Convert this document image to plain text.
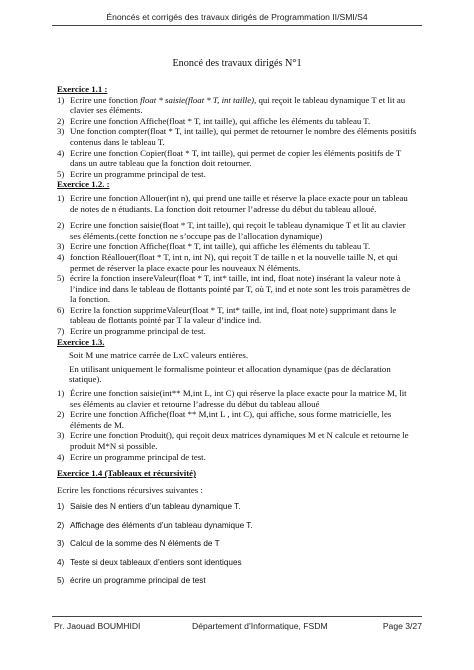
Énoncés et corrigés des travaux dirigés de Programmation II/SMI/S4
Enoncé des travaux dirigés N°1

Exercice 1.1 :

1) Ecrire une fonction float * saisie(float * T, int taille), qui reçoit le tableau dynamique T et lit au clavier ses éléments.
2) Ecrire une fonction Affiche(float * T, int taille), qui affiche les éléments du tableau T.
3) Une fonction compter(float * T, int taille), qui permet de retourner le nombre des éléments positifs contenus dans le tableau T.
4) Ecrire une fonction Copier(float * T, int taille), qui permet de copier les éléments positifs de T dans un autre tableau que la fonction doit retourner.
5) Ecrire un programme principal de test.

Exercice 1.2. :

1) Ecrire une fonction Allouer(int n), qui prend une taille et réserve la place exacte pour un tableau de notes de n étudiants. La fonction doit retourner l’adresse du début du tableau alloué.
2) Ecrire une fonction saisie(float * T, int taille), qui reçoit le tableau dynamique T et lit au clavier ses éléments.(cette fonction ne s’occupe pas de l’allocation dynamique)
3) Ecrire une fonction Affiche(float * T, int taille), qui affiche les éléments du tableau T.
4) fonction Réallouer(float * T, int n, int N), qui reçoit T de taille n et la nouvelle taille N, et qui permet de réserver la place exacte pour les nouveaux N éléments.
5) écrire la fonction insereValeur(float * T, int* taille, int ind, float note) insérant la valeur note à l’indice ind dans le tableau de flottants pointé par T, où T, ind et note sont les trois paramètres de la fonction.
6) Ecrire la fonction supprimeValeur(float * T, int* taille, int ind, float note) supprimant dans le tableau de flottants pointé par T la valeur d’indice ind.
7) Ecrire un programme principal de test.

Exercice 1.3.

Soit M une matrice carrée de LxC valeurs entières.

En utilisant uniquement le formalisme pointeur et allocation dynamique (pas de déclaration statique).

1) Écrire une fonction saisie(int** M,int L, int C) qui réserve la place exacte pour la matrice M, lit ses éléments au clavier et retourne l’adresse du début du tableau alloué
2) Ecrire une fonction Affiche(float ** M,int L , int C), qui affiche, sous forme matricielle, les éléments de M.
3) Ecrire une fonction Produit(), qui reçoit deux matrices dynamiques M et N calcule et retourne le produit M*N si possible.
4) Ecrire un programme principal de test.

Exercice 1.4 (Tableaux et récursivité)

Ecrire les fonctions récursives suivantes :

1) Saisie des N entiers d’un tableau dynamique T.
2) Affichage des éléments d’un tableau dynamique T.
3) Calcul de la somme des N éléments de T
4) Teste si deux tableaux d’entiers sont identiques
5) écrire un programme principal de test
Pr. Jaouad BOUMHIDI	Département d’Informatique, FSDM	Page 3/27
